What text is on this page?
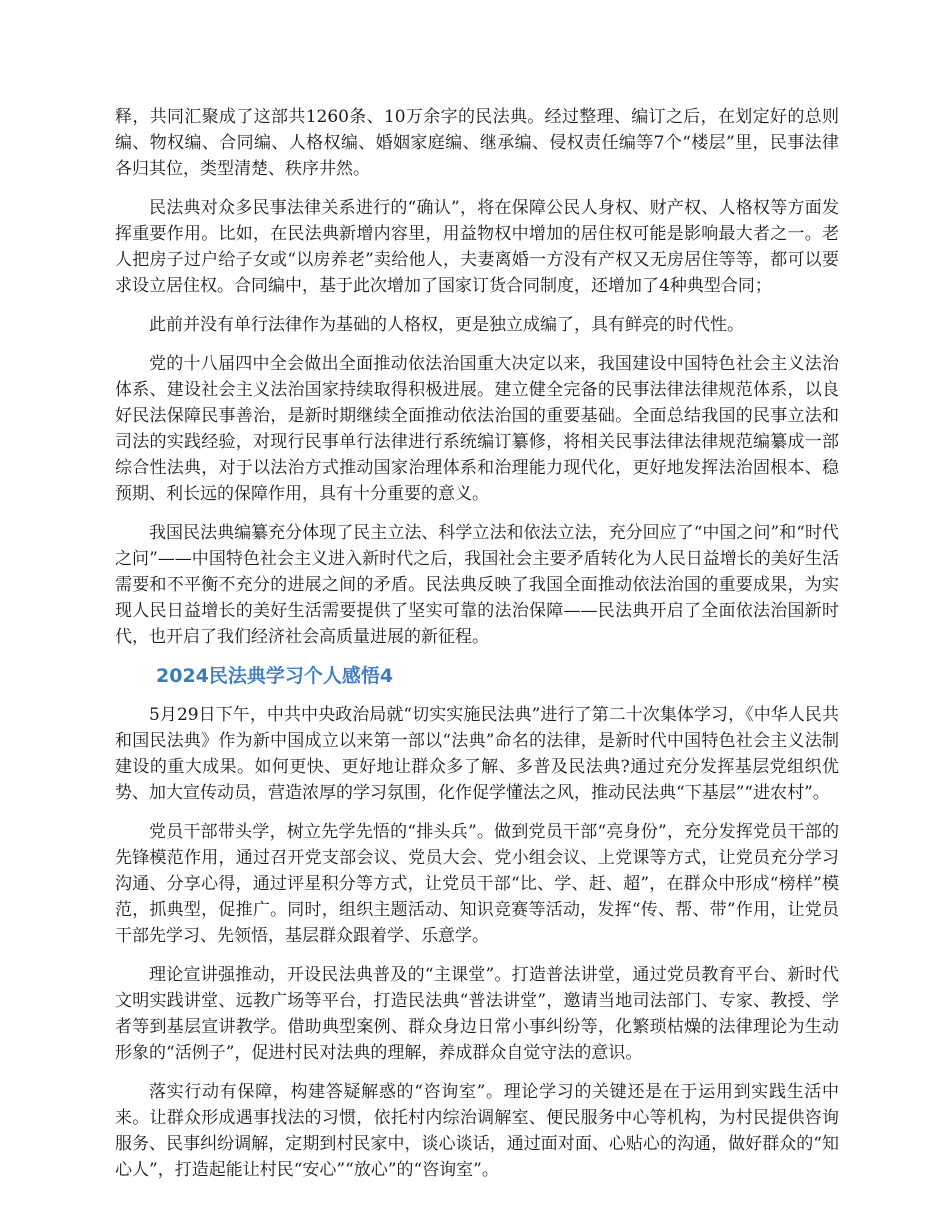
释，共同汇聚成了这部共1260条、10万余字的民法典。经过整理、编订之后，在划定好的总则编、物权编、合同编、人格权编、婚姻家庭编、继承编、侵权责任编等7个“楼层”里，民事法律各归其位，类型清楚、秩序井然。

民法典对众多民事法律关系进行的“确认”，将在保障公民人身权、财产权、人格权等方面发挥重要作用。比如，在民法典新增内容里，用益物权中增加的居住权可能是影响最大者之一。老人把房子过户给子女或“以房养老”卖给他人，夫妻离婚一方没有产权又无房居住等等，都可以要求设立居住权。合同编中，基于此次增加了国家订货合同制度，还增加了4种典型合同；

此前并没有单行法律作为基础的人格权，更是独立成编了，具有鲜亮的时代性。

党的十八届四中全会做出全面推动依法治国重大决定以来，我国建设中国特色社会主义法治体系、建设社会主义法治国家持续取得积极进展。建立健全完备的民事法律法律规范体系，以良好民法保障民事善治，是新时期继续全面推动依法治国的重要基础。全面总结我国的民事立法和司法的实践经验，对现行民事单行法律进行系统编订纂修，将相关民事法律法律规范编纂成一部综合性法典，对于以法治方式推动国家治理体系和治理能力现代化，更好地发挥法治固根本、稳预期、利长远的保障作用，具有十分重要的意义。

我国民法典编纂充分体现了民主立法、科学立法和依法立法，充分回应了“中国之问”和“时代之问”——中国特色社会主义进入新时代之后，我国社会主要矛盾转化为人民日益增长的美好生活需要和不平衡不充分的进展之间的矛盾。民法典反映了我国全面推动依法治国的重要成果，为实现人民日益增长的美好生活需要提供了坚实可靠的法治保障——民法典开启了全面依法治国新时代，也开启了我们经济社会高质量进展的新征程。

2024民法典学习个人感悟4

5月29日下午，中共中央政治局就“切实实施民法典”进行了第二十次集体学习，《中华人民共和国民法典》作为新中国成立以来第一部以“法典”命名的法律，是新时代中国特色社会主义法制建设的重大成果。如何更快、更好地让群众多了解、多普及民法典?通过充分发挥基层党组织优势、加大宣传动员，营造浓厚的学习氛围，化作促学懂法之风，推动民法典“下基层”“进农村”。

党员干部带头学，树立先学先悟的“排头兵”。做到党员干部“亮身份”，充分发挥党员干部的先锋模范作用，通过召开党支部会议、党员大会、党小组会议、上党课等方式，让党员充分学习沟通、分享心得，通过评星积分等方式，让党员干部“比、学、赶、超”，在群众中形成“榜样”模范，抓典型，促推广。同时，组织主题活动、知识竞赛等活动，发挥“传、帮、带”作用，让党员干部先学习、先领悟，基层群众跟着学、乐意学。

理论宣讲强推动，开设民法典普及的“主课堂”。打造普法讲堂，通过党员教育平台、新时代文明实践讲堂、远教广场等平台，打造民法典“普法讲堂”，邀请当地司法部门、专家、教授、学者等到基层宣讲教学。借助典型案例、群众身边日常小事纠纷等，化繁琐枯燥的法律理论为生动形象的“活例子”，促进村民对法典的理解，养成群众自觉守法的意识。

落实行动有保障，构建答疑解惑的“咨询室”。理论学习的关键还是在于运用到实践生活中来。让群众形成遇事找法的习惯，依托村内综治调解室、便民服务中心等机构，为村民提供咨询服务、民事纠纷调解，定期到村民家中，谈心谈话，通过面对面、心贴心的沟通，做好群众的“知心人”，打造起能让村民“安心”“放心”的“咨询室”。
